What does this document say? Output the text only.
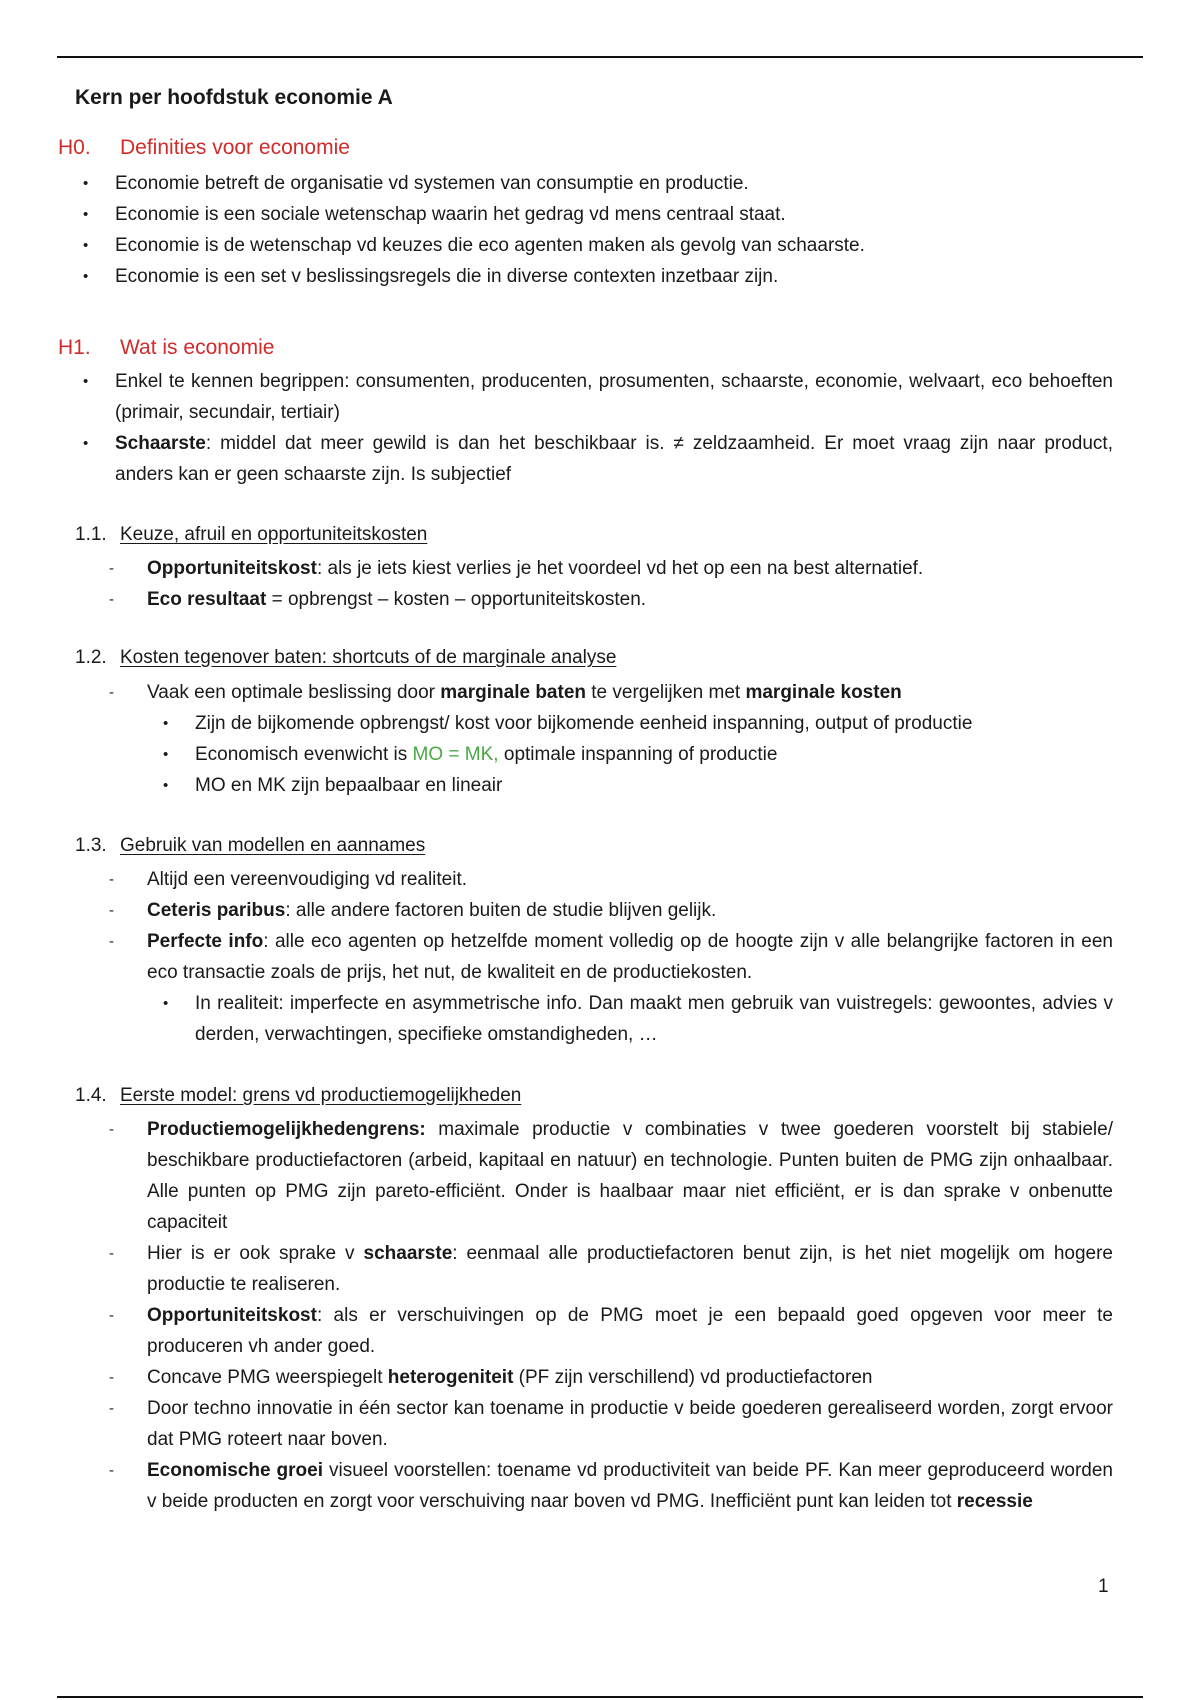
Kern per hoofdstuk economie A
H0. Definities voor economie
• Economie betreft de organisatie vd systemen van consumptie en productie.
• Economie is een sociale wetenschap waarin het gedrag vd mens centraal staat.
• Economie is de wetenschap vd keuzes die eco agenten maken als gevolg van schaarste.
• Economie is een set v beslissingsregels die in diverse contexten inzetbaar zijn.
H1. Wat is economie
• Enkel te kennen begrippen: consumenten, producenten, prosumenten, schaarste, economie, welvaart, eco behoeften (primair, secundair, tertiair)
• Schaarste: middel dat meer gewild is dan het beschikbaar is. ≠ zeldzaamheid. Er moet vraag zijn naar product, anders kan er geen schaarste zijn. Is subjectief
1.1. Keuze, afruil en opportuniteitskosten
- Opportuniteitskost: als je iets kiest verlies je het voordeel vd het op een na best alternatief.
- Eco resultaat = opbrengst – kosten – opportuniteitskosten.
1.2. Kosten tegenover baten: shortcuts of de marginale analyse
- Vaak een optimale beslissing door marginale baten te vergelijken met marginale kosten
• Zijn de bijkomende opbrengst/ kost voor bijkomende eenheid inspanning, output of productie
• Economisch evenwicht is MO = MK, optimale inspanning of productie
• MO en MK zijn bepaalbaar en lineair
1.3. Gebruik van modellen en aannames
- Altijd een vereenvoudiging vd realiteit.
- Ceteris paribus: alle andere factoren buiten de studie blijven gelijk.
- Perfecte info: alle eco agenten op hetzelfde moment volledig op de hoogte zijn v alle belangrijke factoren in een eco transactie zoals de prijs, het nut, de kwaliteit en de productiekosten.
• In realiteit: imperfecte en asymmetrische info. Dan maakt men gebruik van vuistregels: gewoontes, advies v derden, verwachtingen, specifieke omstandigheden, …
1.4. Eerste model: grens vd productiemogelijkheden
- Productiemogelijkhedengrens: maximale productie v combinaties v twee goederen voorstelt bij stabiele/ beschikbare productiefactoren (arbeid, kapitaal en natuur) en technologie. Punten buiten de PMG zijn onhaalbaar. Alle punten op PMG zijn pareto-efficiënt. Onder is haalbaar maar niet efficiënt, er is dan sprake v onbenutte capaciteit
- Hier is er ook sprake v schaarste: eenmaal alle productiefactoren benut zijn, is het niet mogelijk om hogere productie te realiseren.
- Opportuniteitskost: als er verschuivingen op de PMG moet je een bepaald goed opgeven voor meer te produceren vh ander goed.
- Concave PMG weerspiegelt heterogeniteit (PF zijn verschillend) vd productiefactoren
- Door techno innovatie in één sector kan toename in productie v beide goederen gerealiseerd worden, zorgt ervoor dat PMG roteert naar boven.
- Economische groei visueel voorstellen: toename vd productiviteit van beide PF. Kan meer geproduceerd worden v beide producten en zorgt voor verschuiving naar boven vd PMG. Inefficiënt punt kan leiden tot recessie
1
